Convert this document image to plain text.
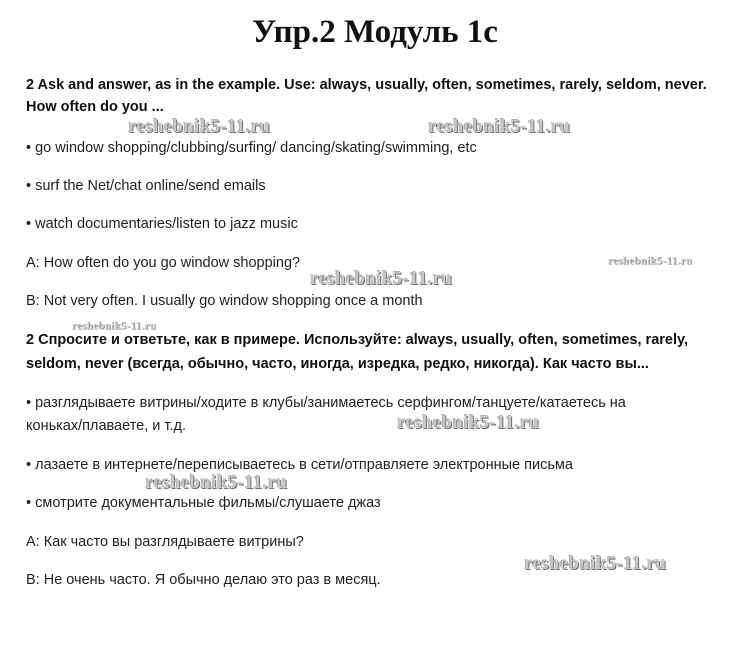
Упр.2 Модуль 1с
2 Ask and answer, as in the example. Use: always, usually, often, sometimes, rarely, seldom, never.
How often do you ...
• go window shopping/clubbing/surfing/ dancing/skating/swimming, etc
• surf the Net/chat online/send emails
• watch documentaries/listen to jazz music
A: How often do you go window shopping?
B: Not very often. I usually go window shopping once a month
2 Спросите и ответьте, как в примере. Используйте: always, usually, often, sometimes, rarely,
seldom, never (всегда, обычно, часто, иногда, изредка, редко, никогда). Как часто вы...
• разглядываете витрины/ходите в клубы/занимаетесь серфингом/танцуете/катаетесь на
коньках/плаваете, и т.д.
• лазаете в интернете/переписываетесь в сети/отправляете электронные письма
• смотрите документальные фильмы/слушаете джаз
А: Как часто вы разглядываете витрины?
В: Не очень часто. Я обычно делаю это раз в месяц.
reshebnik5-11.ru	reshebnik5-11.ru
reshebnik5-11.ru
reshebnik5-11.ru
reshebnik5-11.ru
reshebnik5-11.ru
reshebnik5-11.ru
reshebnik5-11.ru
